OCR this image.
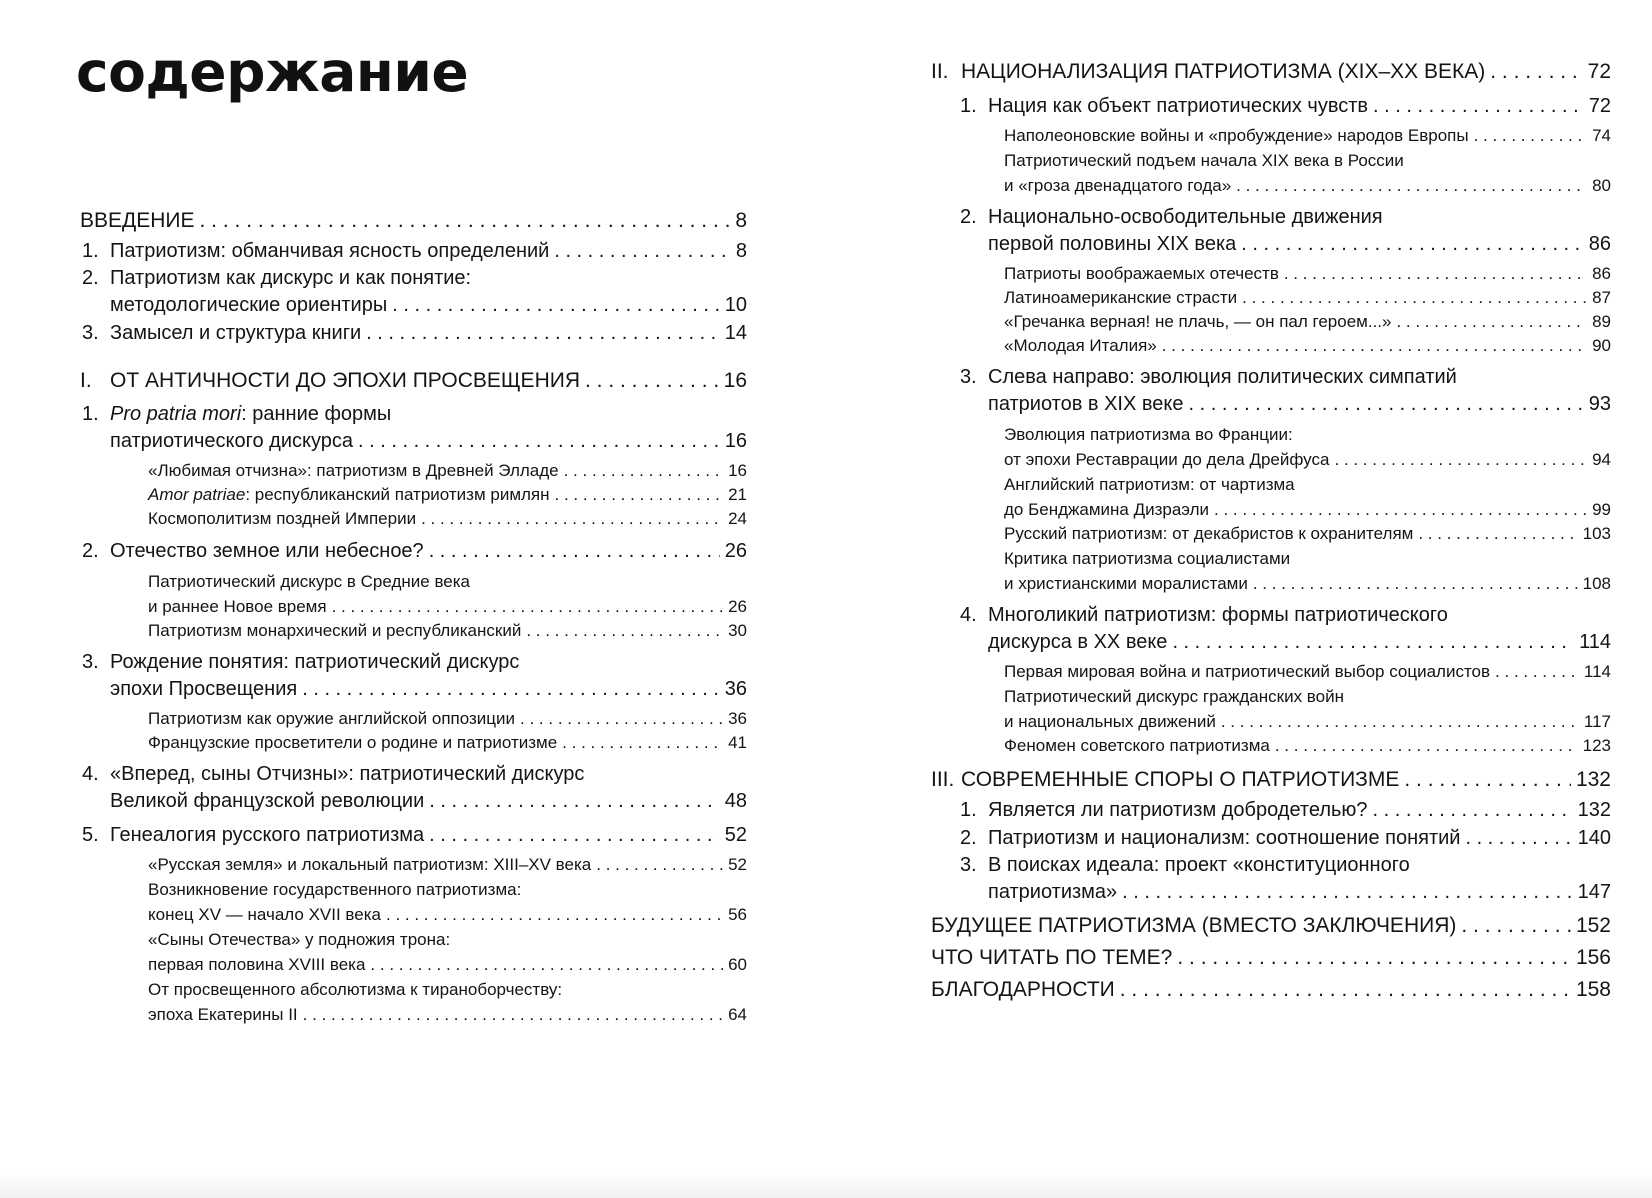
содержание
ВВЕДЕНИЕ . . .	8
1. Патриотизм: обманчивая ясность определений . . .	8
2. Патриотизм как дискурс и как понятие:
методологические ориентиры . . .	10
3. Замысел и структура книги . . .	14
I. ОТ АНТИЧНОСТИ ДО ЭПОХИ ПРОСВЕЩЕНИЯ . . .	16
1. Pro patria mori: ранние формы
патриотического дискурса . . .	16
«Любимая отчизна»: патриотизм в Древней Элладе . . .	16
Amor patriae: республиканский патриотизм римлян . . .	21
Космополитизм поздней Империи . . .	24
2. Отечество земное или небесное? . . .	26
Патриотический дискурс в Средние века
и раннее Новое время . . .	26
Патриотизм монархический и республиканский . . .	30
3. Рождение понятия: патриотический дискурс
эпохи Просвещения . . .	36
Патриотизм как оружие английской оппозиции . . .	36
Французские просветители о родине и патриотизме . . .	41
4. «Вперед, сыны Отчизны»: патриотический дискурс
Великой французской революции . . .	48
5. Генеалогия русского патриотизма . . .	52
«Русская земля» и локальный патриотизм: XIII–XV века . . .	52
Возникновение государственного патриотизма:
конец XV — начало XVII века . . .	56
«Сыны Отечества» у подножия трона:
первая половина XVIII века . . .	60
От просвещенного абсолютизма к тираноборчеству:
эпоха Екатерины II . . .	64
II. НАЦИОНАЛИЗАЦИЯ ПАТРИОТИЗМА (XIX–XX ВЕКА) . . .	72
1. Нация как объект патриотических чувств . . .	72
Наполеоновские войны и «пробуждение» народов Европы . . .	74
Патриотический подъем начала XIX века в России
и «гроза двенадцатого года» . . .	80
2. Национально-освободительные движения
первой половины XIX века . . .	86
Патриоты воображаемых отечеств . . .	86
Латиноамериканские страсти . . .	87
«Гречанка верная! не плачь, — он пал героем...» . . .	89
«Молодая Италия» . . .	90
3. Слева направо: эволюция политических симпатий
патриотов в XIX веке . . .	93
Эволюция патриотизма во Франции:
от эпохи Реставрации до дела Дрейфуса . . .	94
Английский патриотизм: от чартизма
до Бенджамина Дизраэли . . .	99
Русский патриотизм: от декабристов к охранителям . . .	103
Критика патриотизма социалистами
и христианскими моралистами . . .	108
4. Многоликий патриотизм: формы патриотического
дискурса в XX веке . . .	114
Первая мировая война и патриотический выбор социалистов . . .	114
Патриотический дискурс гражданских войн
и национальных движений . . .	117
Феномен советского патриотизма . . .	123
III. СОВРЕМЕННЫЕ СПОРЫ О ПАТРИОТИЗМЕ . . .	132
1. Является ли патриотизм добродетелью? . . .	132
2. Патриотизм и национализм: соотношение понятий . . .	140
3. В поисках идеала: проект «конституционного
патриотизма» . . .	147
БУДУЩЕЕ ПАТРИОТИЗМА (ВМЕСТО ЗАКЛЮЧЕНИЯ) . . .	152
ЧТО ЧИТАТЬ ПО ТЕМЕ? . . .	156
БЛАГОДАРНОСТИ . . .	158
